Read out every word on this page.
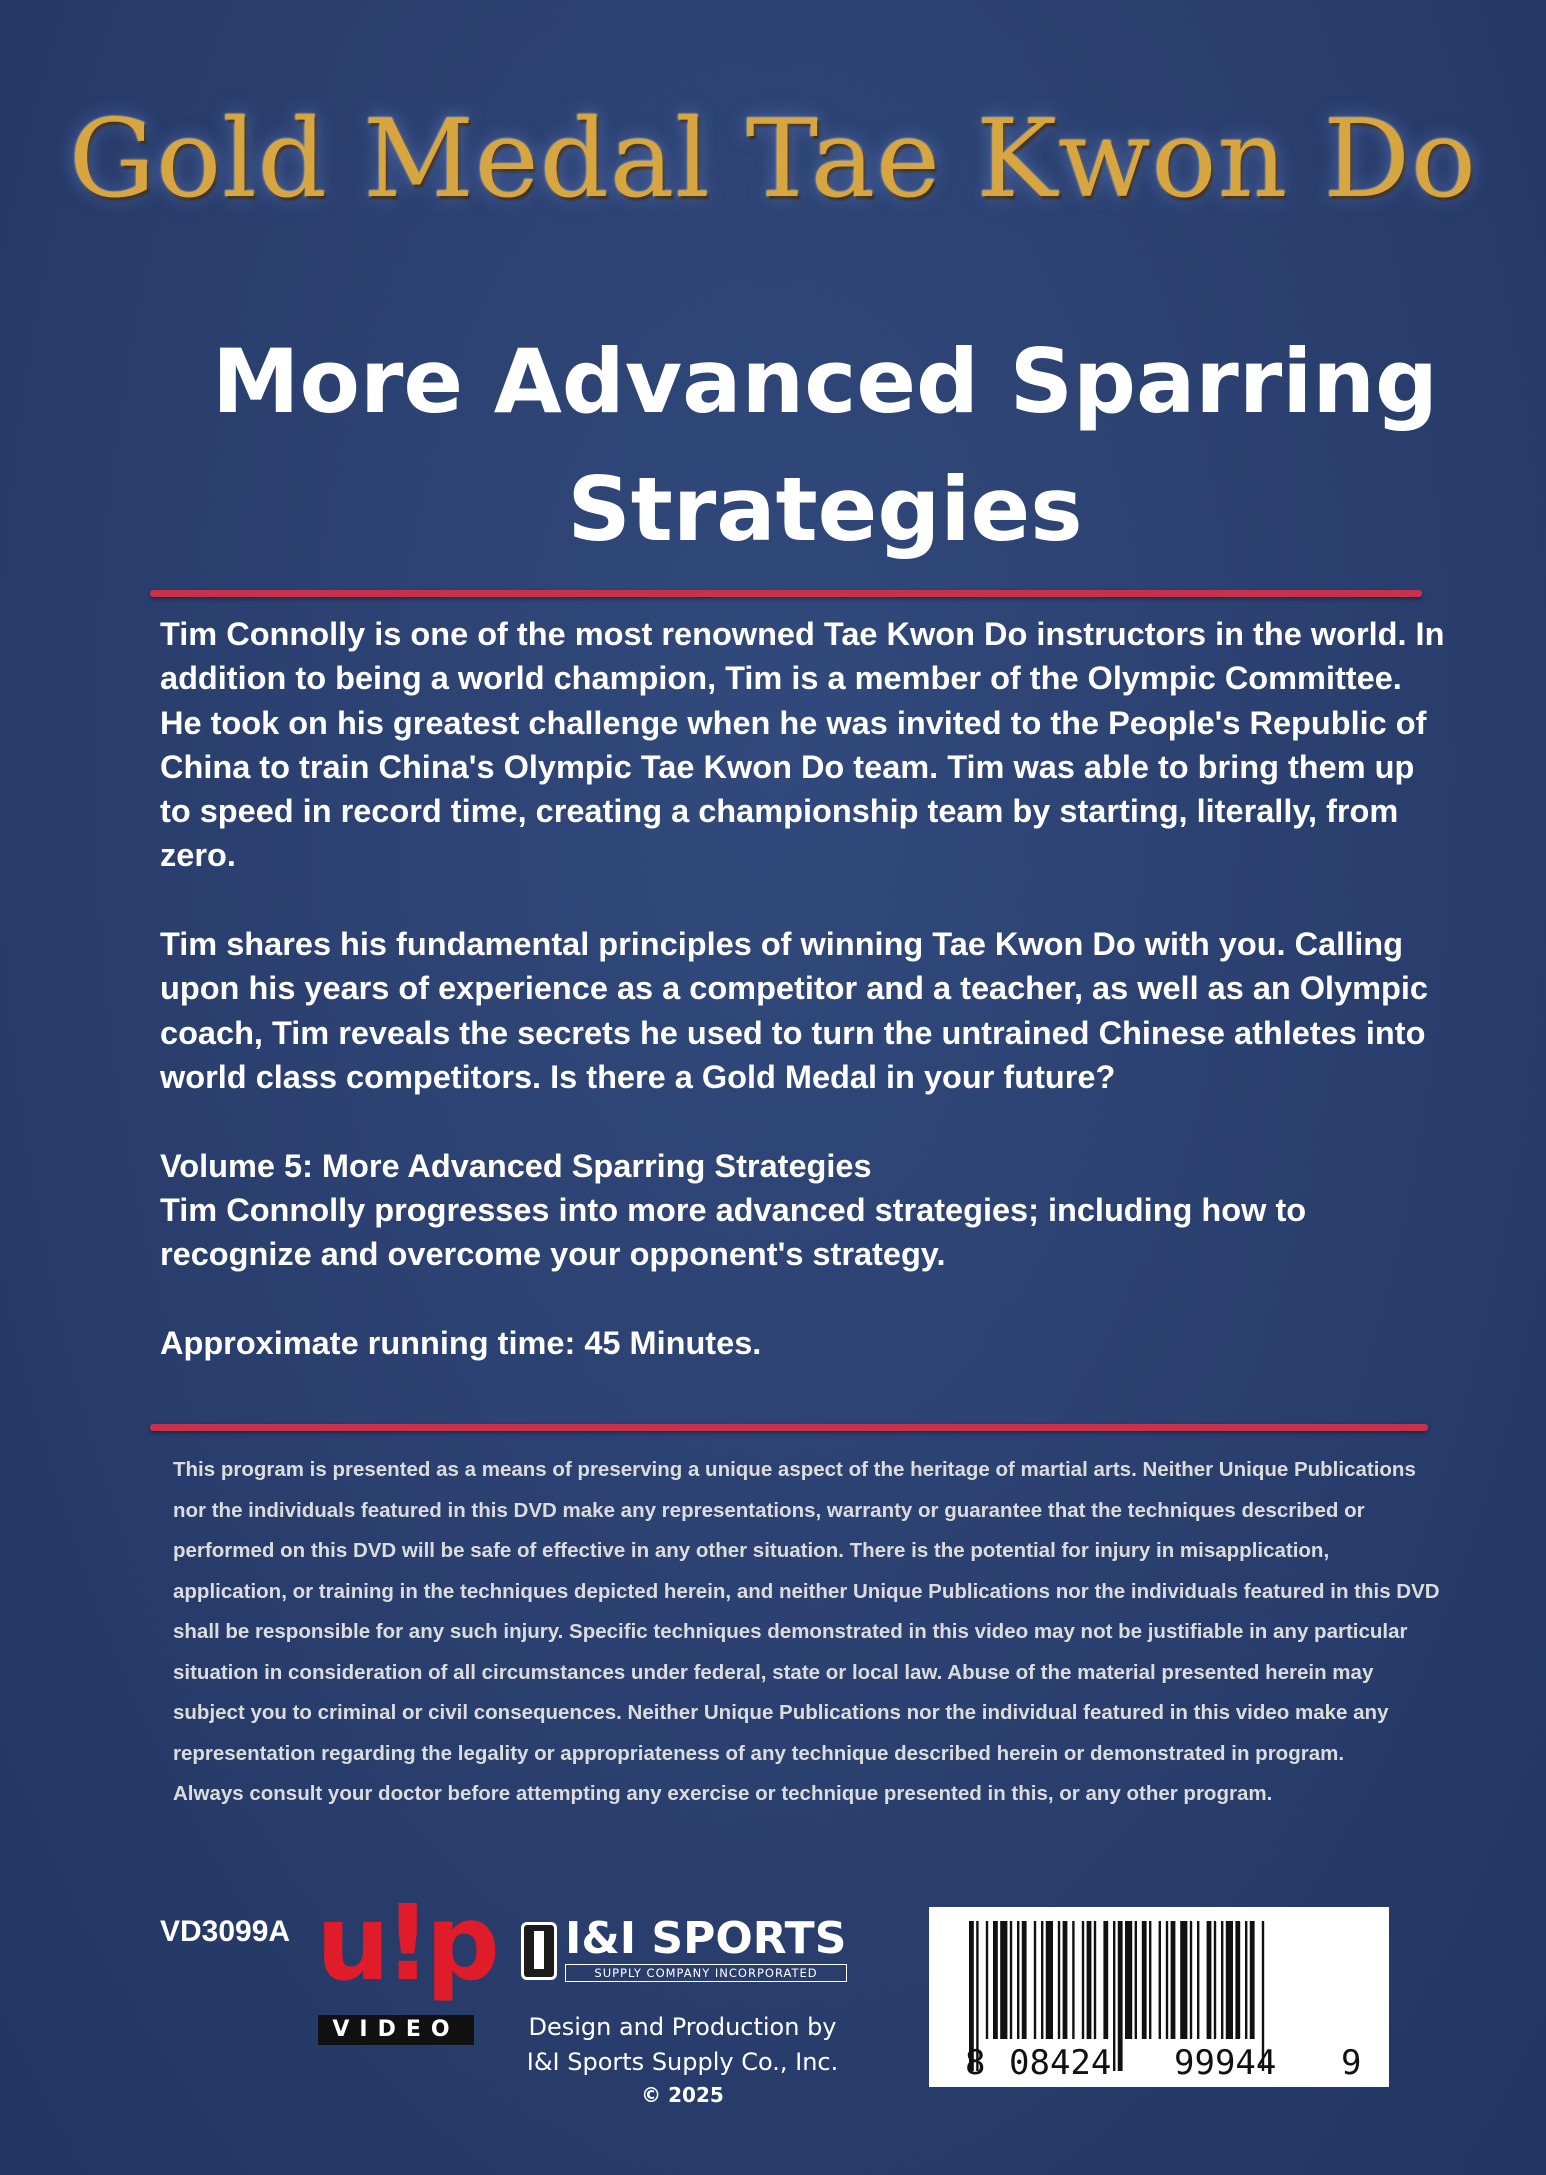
Gold Medal Tae Kwon Do
More Advanced Sparring Strategies

Tim Connolly is one of the most renowned Tae Kwon Do instructors in the world. In addition to being a world champion, Tim is a member of the Olympic Committee. He took on his greatest challenge when he was invited to the People's Republic of China to train China's Olympic Tae Kwon Do team. Tim was able to bring them up to speed in record time, creating a championship team by starting, literally, from zero.

Tim shares his fundamental principles of winning Tae Kwon Do with you. Calling upon his years of experience as a competitor and a teacher, as well as an Olympic coach, Tim reveals the secrets he used to turn the untrained Chinese athletes into world class competitors. Is there a Gold Medal in your future?

Volume 5: More Advanced Sparring Strategies
Tim Connolly progresses into more advanced strategies; including how to recognize and overcome your opponent's strategy.

Approximate running time: 45 Minutes.

This program is presented as a means of preserving a unique aspect of the heritage of martial arts. Neither Unique Publications nor the individuals featured in this DVD make any representations, warranty or guarantee that the techniques described or performed on this DVD will be safe of effective in any other situation. There is the potential for injury in misapplication, application, or training in the techniques depicted herein, and neither Unique Publications nor the individuals featured in this DVD shall be responsible for any such injury. Specific techniques demonstrated in this video may not be justifiable in any particular situation in consideration of all circumstances under federal, state or local law. Abuse of the material presented herein may subject you to criminal or civil consequences. Neither Unique Publications nor the individual featured in this video make any representation regarding the legality or appropriateness of any technique described herein or demonstrated in program.

Always consult your doctor before attempting any exercise or technique presented in this, or any other program.

VD3099A u!p
VIDEO
I&I SPORTS
SUPPLY COMPANY INCORPORATED
Design and Production by
I&I Sports Supply Co., Inc.
© 2025
8 08424 99944 9
